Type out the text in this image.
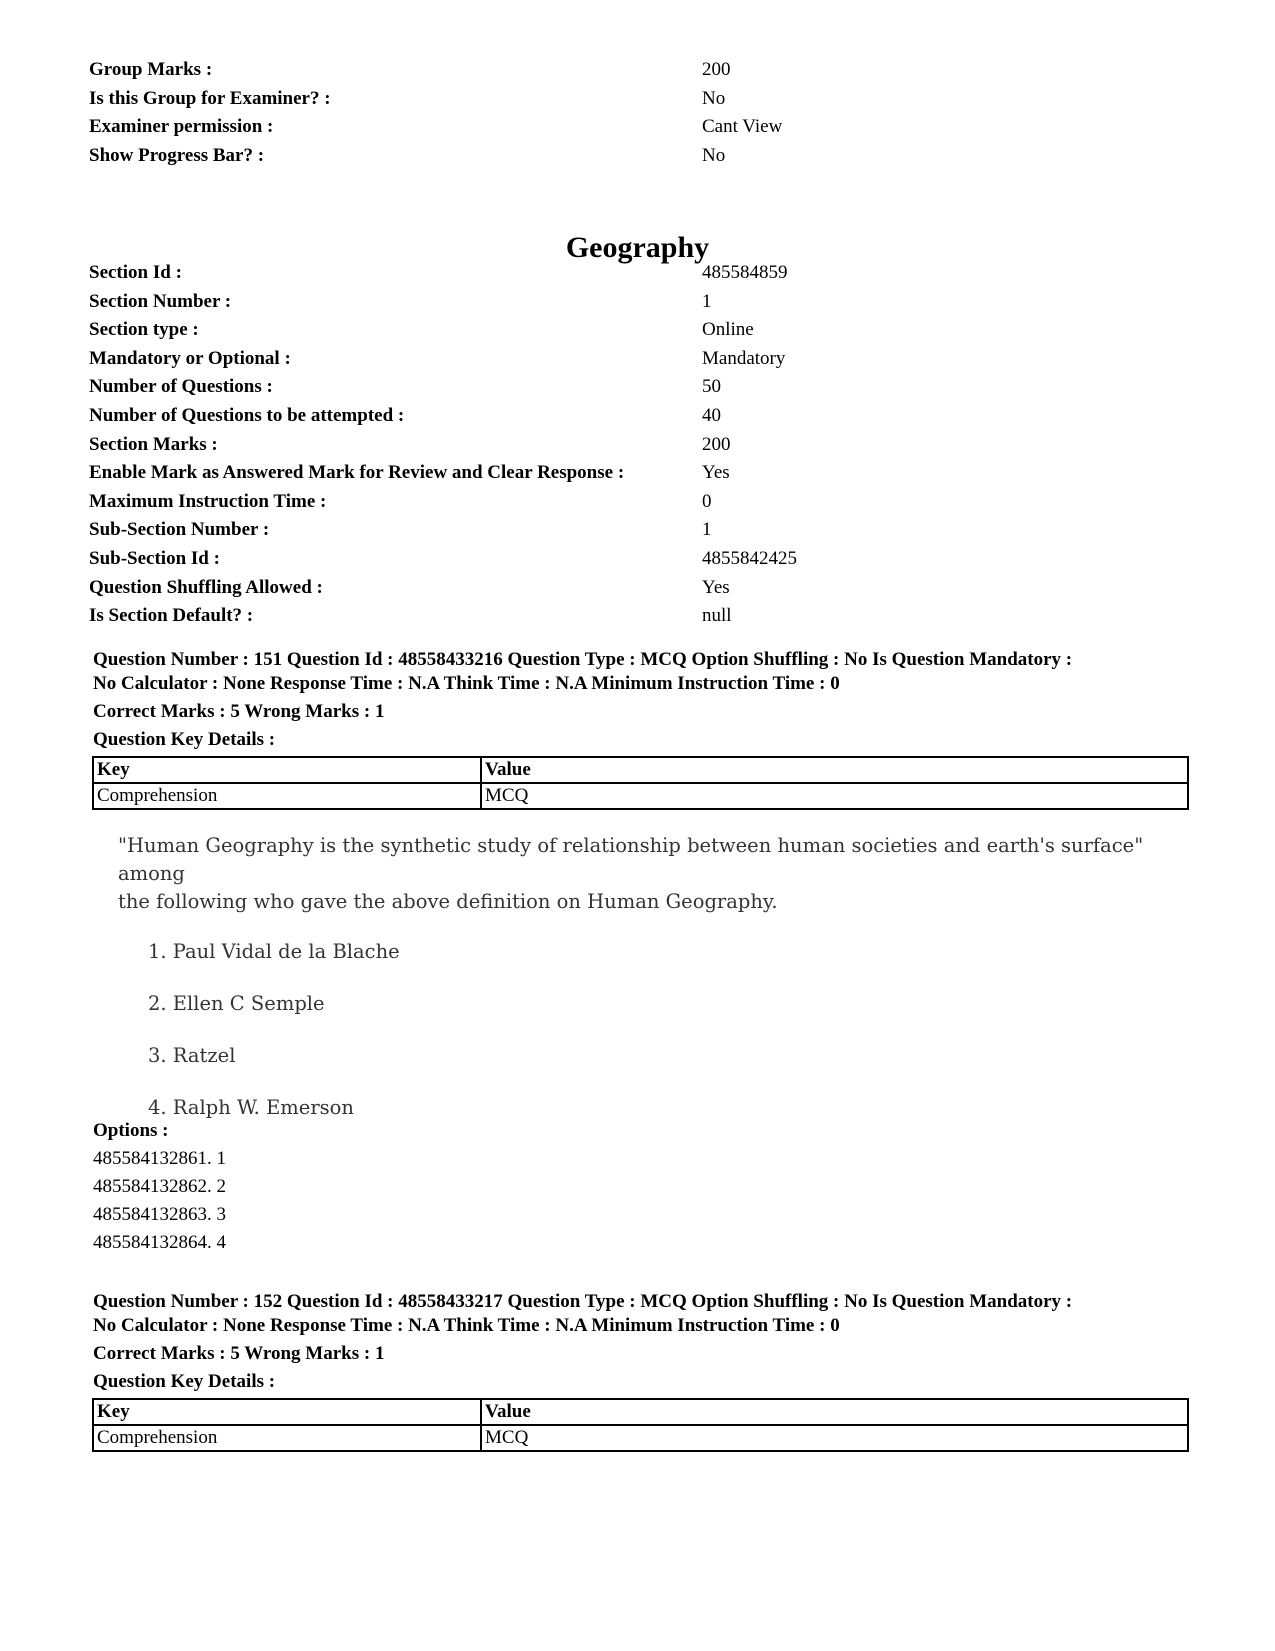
Group Marks :	200
Is this Group for Examiner? :	No
Examiner permission :	Cant View
Show Progress Bar? :	No
Geography
Section Id :	485584859
Section Number :	1
Section type :	Online
Mandatory or Optional :	Mandatory
Number of Questions :	50
Number of Questions to be attempted :	40
Section Marks :	200
Enable Mark as Answered Mark for Review and Clear Response :	Yes
Maximum Instruction Time :	0
Sub-Section Number :	1
Sub-Section Id :	4855842425
Question Shuffling Allowed :	Yes
Is Section Default? :	null
Question Number : 151 Question Id : 48558433216 Question Type : MCQ Option Shuffling : No Is Question Mandatory :
No Calculator : None Response Time : N.A Think Time : N.A Minimum Instruction Time : 0
Correct Marks : 5 Wrong Marks : 1
Question Key Details :
Key	Value
Comprehension	MCQ
"Human Geography is the synthetic study of relationship between human societies and earth's surface" among
the following who gave the above definition on Human Geography.
1. Paul Vidal de la Blache
2. Ellen C Semple
3. Ratzel
4. Ralph W. Emerson
Options :
485584132861. 1
485584132862. 2
485584132863. 3
485584132864. 4
Question Number : 152 Question Id : 48558433217 Question Type : MCQ Option Shuffling : No Is Question Mandatory :
No Calculator : None Response Time : N.A Think Time : N.A Minimum Instruction Time : 0
Correct Marks : 5 Wrong Marks : 1
Question Key Details :
Key	Value
Comprehension	MCQ
